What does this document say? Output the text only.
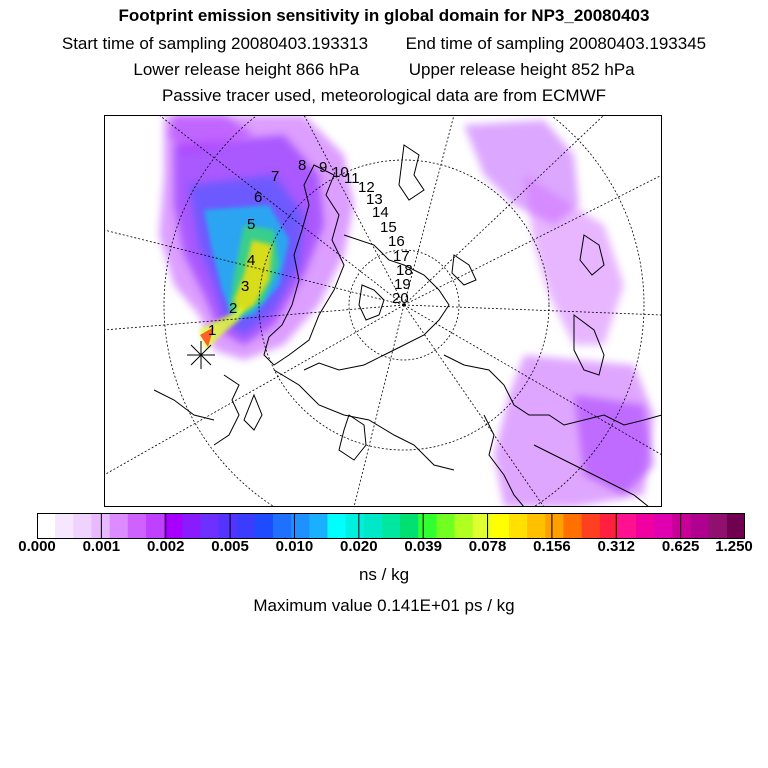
Footprint emission sensitivity in global domain for NP3_20080403
Start time of sampling 20080403.193313 End time of sampling 20080403.193345
Lower release height 866 hPa	Upper release height 852 hPa
Passive tracer used, meteorological data are from ECMWF
1
2
3
4
5
6
7
8 9 10
11
12
13
14
15
16
17
18
19
20
0.000 0.001 0.002 0.005 0.010 0.020 0.039 0.078 0.156 0.312 0.625 1.250
ns / kg
Maximum value 0.141E+01 ps / kg
